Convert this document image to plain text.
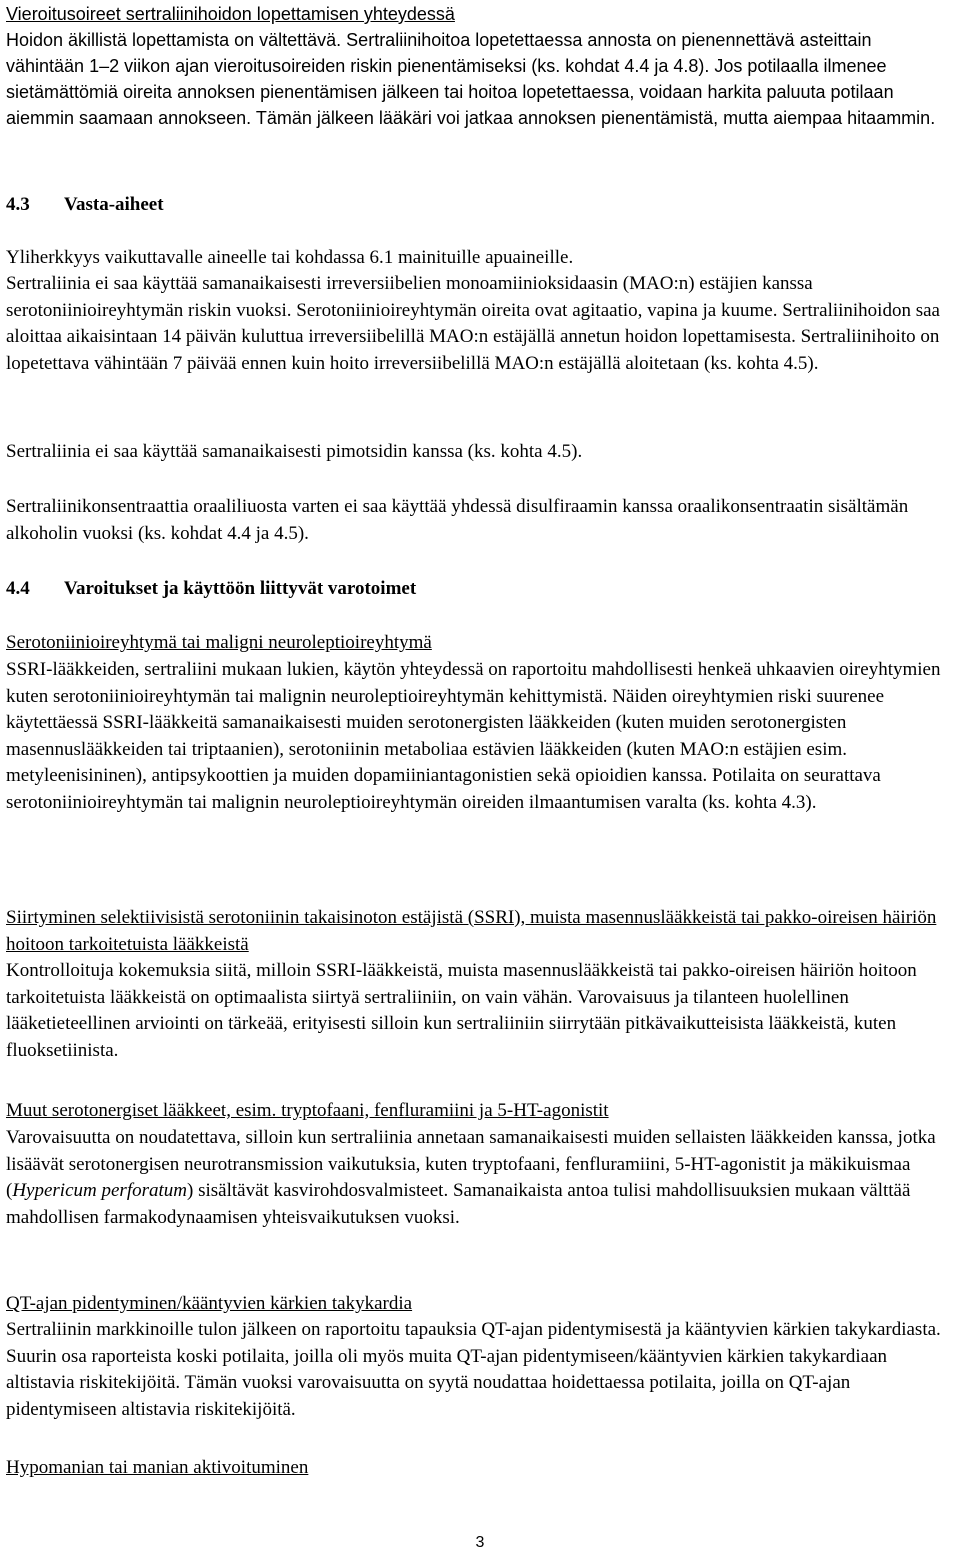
Vieroitusoireet sertraliinihoidon lopettamisen yhteydessä

Hoidon äkillistä lopettamista on vältettävä. Sertraliinihoitoa lopetettaessa annosta on pienennettävä asteittain vähintään 1–2 viikon ajan vieroitusoireiden riskin pienentämiseksi (ks. kohdat 4.4 ja 4.8). Jos potilaalla ilmenee sietämättömiä oireita annoksen pienentämisen jälkeen tai hoitoa lopetettaessa, voidaan harkita paluuta potilaan aiemmin saamaan annokseen. Tämän jälkeen lääkäri voi jatkaa annoksen pienentämistä, mutta aiempaa hitaammin.

4.3 Vasta-aiheet

Yliherkkyys vaikuttavalle aineelle tai kohdassa 6.1 mainituille apuaineille.

Sertraliinia ei saa käyttää samanaikaisesti irreversiibelien monoamiinioksidaasin (MAO:n) estäjien kanssa serotoniinioireyhtymän riskin vuoksi. Serotoniinioireyhtymän oireita ovat agitaatio, vapina ja kuume. Sertraliinihoidon saa aloittaa aikaisintaan 14 päivän kuluttua irreversiibelillä MAO:n estäjällä annetun hoidon lopettamisesta. Sertraliinihoito on lopetettava vähintään 7 päivää ennen kuin hoito irreversiibelillä MAO:n estäjällä aloitetaan (ks. kohta 4.5).

Sertraliinia ei saa käyttää samanaikaisesti pimotsidin kanssa (ks. kohta 4.5).

Sertraliinikonsentraattia oraaliliuosta varten ei saa käyttää yhdessä disulfiraamin kanssa oraalikonsentraatin sisältämän alkoholin vuoksi (ks. kohdat 4.4 ja 4.5).

4.4 Varoitukset ja käyttöön liittyvät varotoimet

Serotoniinioireyhtymä tai maligni neuroleptioireyhtymä

SSRI-lääkkeiden, sertraliini mukaan lukien, käytön yhteydessä on raportoitu mahdollisesti henkeä uhkaavien oireyhtymien kuten serotoniinioireyhtymän tai malignin neuroleptioireyhtymän kehittymistä. Näiden oireyhtymien riski suurenee käytettäessä SSRI-lääkkeitä samanaikaisesti muiden serotonergisten lääkkeiden (kuten muiden serotonergisten masennuslääkkeiden tai triptaanien), serotoniinin metaboliaa estävien lääkkeiden (kuten MAO:n estäjien esim. metyleenisininen), antipsykoottien ja muiden dopamiiniantagonistien sekä opioidien kanssa. Potilaita on seurattava serotoniinioireyhtymän tai malignin neuroleptioireyhtymän oireiden ilmaantumisen varalta (ks. kohta 4.3).

Siirtyminen selektiivisistä serotoniinin takaisinoton estäjistä (SSRI), muista masennuslääkkeistä tai pakko-oireisen häiriön hoitoon tarkoitetuista lääkkeistä

Kontrolloituja kokemuksia siitä, milloin SSRI-lääkkeistä, muista masennuslääkkeistä tai pakko-oireisen häiriön hoitoon tarkoitetuista lääkkeistä on optimaalista siirtyä sertraliiniin, on vain vähän. Varovaisuus ja tilanteen huolellinen lääketieteellinen arviointi on tärkeää, erityisesti silloin kun sertraliiniin siirrytään pitkävaikutteisista lääkkeistä, kuten fluoksetiinista.

Muut serotonergiset lääkkeet, esim. tryptofaani, fenfluramiini ja 5-HT-agonistit

Varovaisuutta on noudatettava, silloin kun sertraliinia annetaan samanaikaisesti muiden sellaisten lääkkeiden kanssa, jotka lisäävät serotonergisen neurotransmission vaikutuksia, kuten tryptofaani, fenfluramiini, 5-HT-agonistit ja mäkikuismaa (Hypericum perforatum) sisältävät kasvirohdosvalmisteet. Samanaikaista antoa tulisi mahdollisuuksien mukaan välttää mahdollisen farmakodynaamisen yhteisvaikutuksen vuoksi.

QT-ajan pidentyminen/kääntyvien kärkien takykardia

Sertraliinin markkinoille tulon jälkeen on raportoitu tapauksia QT-ajan pidentymisestä ja kääntyvien kärkien takykardiasta. Suurin osa raporteista koski potilaita, joilla oli myös muita QT-ajan pidentymiseen/kääntyvien kärkien takykardiaan altistavia riskitekijöitä. Tämän vuoksi varovaisuutta on syytä noudattaa hoidettaessa potilaita, joilla on QT-ajan pidentymiseen altistavia riskitekijöitä.

Hypomanian tai manian aktivoituminen

3
